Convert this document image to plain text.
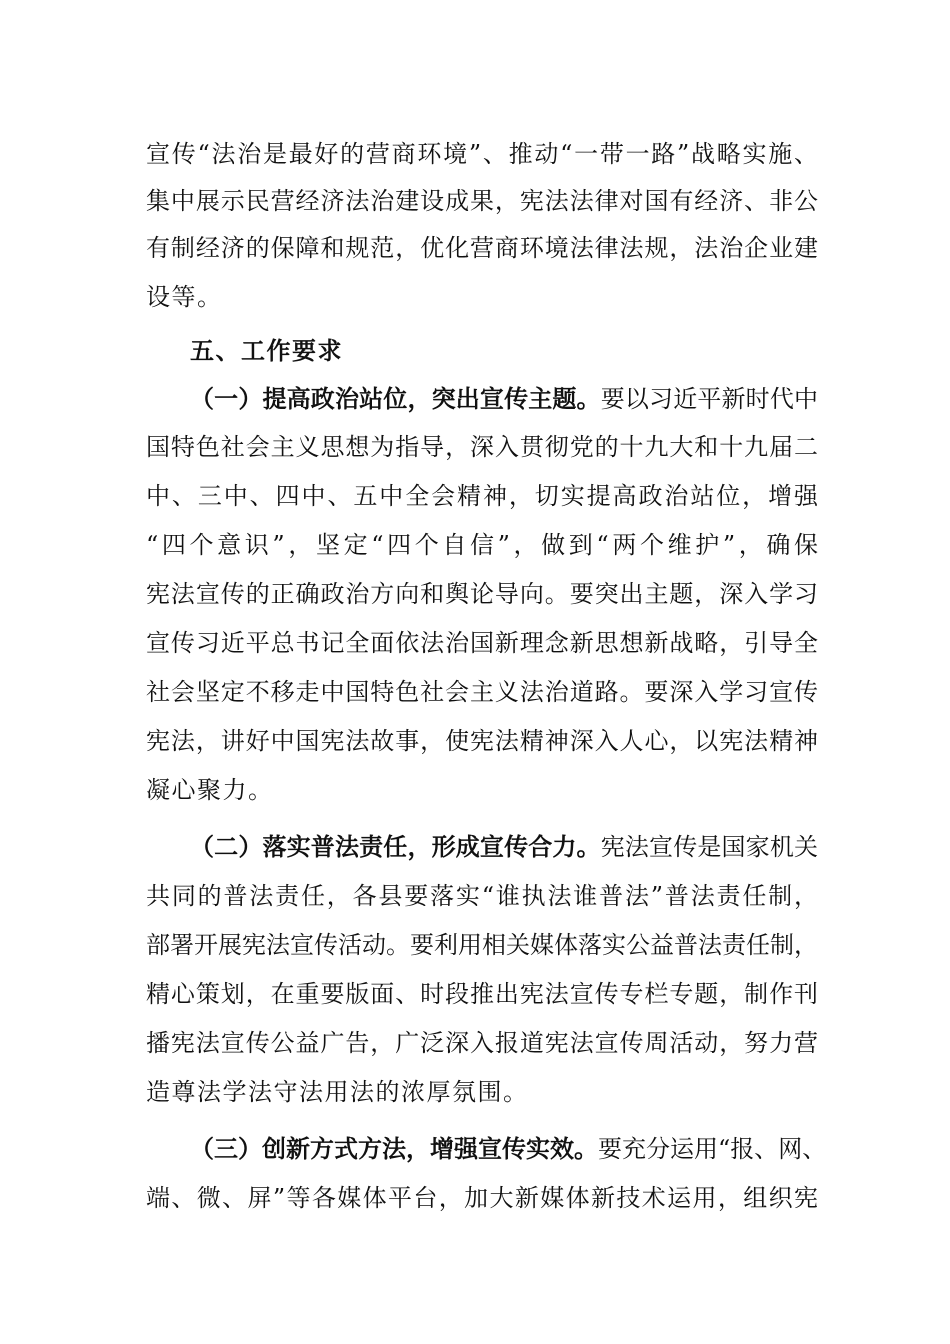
宣传“法治是最好的营商环境”、推动“一带一路”战略实施、
集中展示民营经济法治建设成果，宪法法律对国有经济、非公
有制经济的保障和规范，优化营商环境法律法规，法治企业建
设等。
五、工作要求
（一）提高政治站位，突出宣传主题。要以习近平新时代中
国特色社会主义思想为指导，深入贯彻党的十九大和十九届二
中、三中、四中、五中全会精神，切实提高政治站位，增强
“四个意识”，坚定“四个自信”，做到“两个维护”，确保
宪法宣传的正确政治方向和舆论导向。要突出主题，深入学习
宣传习近平总书记全面依法治国新理念新思想新战略，引导全
社会坚定不移走中国特色社会主义法治道路。要深入学习宣传
宪法，讲好中国宪法故事，使宪法精神深入人心，以宪法精神
凝心聚力。
（二）落实普法责任，形成宣传合力。宪法宣传是国家机关
共同的普法责任，各县要落实“谁执法谁普法”普法责任制，
部署开展宪法宣传活动。要利用相关媒体落实公益普法责任制，
精心策划，在重要版面、时段推出宪法宣传专栏专题，制作刊
播宪法宣传公益广告，广泛深入报道宪法宣传周活动，努力营
造尊法学法守法用法的浓厚氛围。
（三）创新方式方法，增强宣传实效。要充分运用“报、网、
端、微、屏”等各媒体平台，加大新媒体新技术运用，组织宪
